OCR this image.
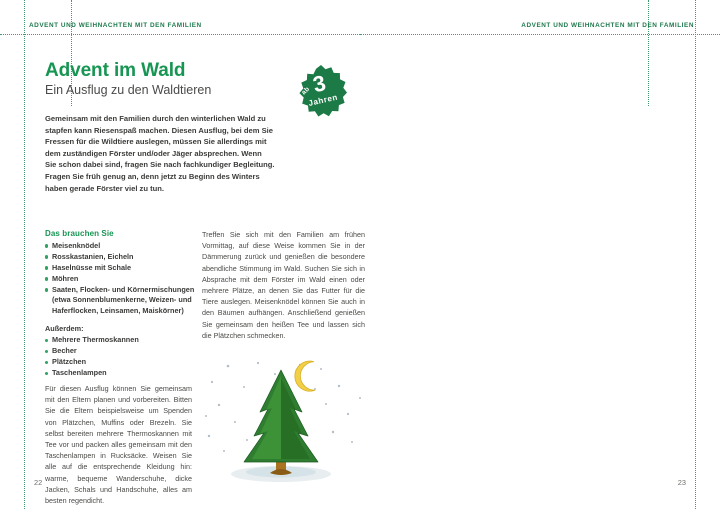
ADVENT UND WEIHNACHTEN MIT DEN FAMILIEN
Advent im Wald
Ein Ausflug zu den Waldtieren	ab 3
Jahren
Gemeinsam mit den Familien durch den winterlichen Wald zu stapfen kann Riesenspaß machen. Diesen Ausflug, bei dem Sie Fressen für die Wildtiere auslegen, müssen Sie allerdings mit dem zuständigen Förster und/oder Jäger absprechen. Wenn Sie schon dabei sind, fragen Sie nach fachkundiger Begleitung. Fragen Sie früh genug an, denn jetzt zu Beginn des Winters haben gerade Förster viel zu tun.
Das brauchen Sie
Meisenknödel
Rosskastanien, Eicheln
Haselnüsse mit Schale
Möhren
Saaten, Flocken- und Körnermischungen (etwa Sonnenblumenkerne, Weizen- und Haferflocken, Leinsamen, Maiskörner)
Außerdem:
Mehrere Thermoskannen
Becher
Plätzchen
Taschenlampen
Für diesen Ausflug können Sie gemeinsam mit den Eltern planen und vorbereiten. Bitten Sie die Eltern beispielsweise um Spenden von Plätzchen, Muffins oder Brezeln. Sie selbst bereiten mehrere Thermoskannen mit Tee vor und packen alles gemeinsam mit den Taschenlampen in Rucksäcke. Weisen Sie alle auf die entsprechende Kleidung hin: warme, bequeme Wanderschuhe, dicke Jacken, Schals und Handschuhe, alles am besten regendicht.
Treffen Sie sich mit den Familien am frühen Vormittag, auf diese Weise kommen Sie in der Dämmerung zurück und genießen die besondere abendliche Stimmung im Wald. Suchen Sie sich in Absprache mit dem Förster im Wald einen oder mehrere Plätze, an denen Sie das Futter für die Tiere auslegen. Meisenknödel können Sie auch in den Bäumen aufhängen. Anschließend genießen Sie gemeinsam den heißen Tee und lassen sich die Plätzchen schmecken.
22
ADVENT UND WEIHNACHTEN MIT DEN FAMILIEN
23
